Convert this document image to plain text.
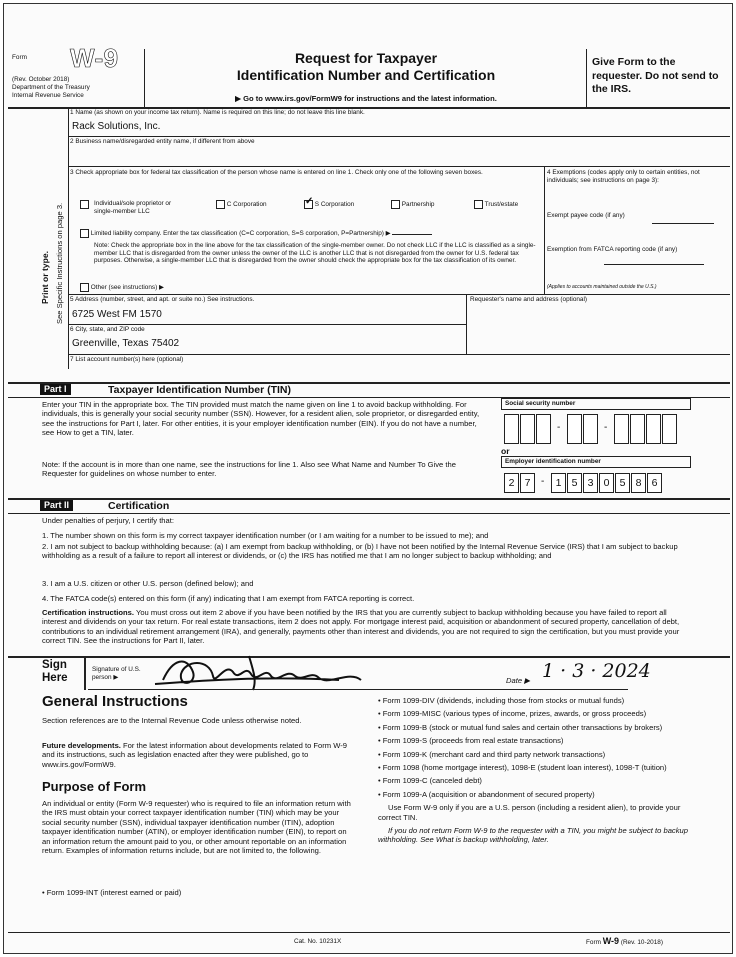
Form W-9
(Rev. October 2018)
Department of the Treasury
Internal Revenue Service
Request for Taxpayer
Identification Number and Certification
▶ Go to www.irs.gov/FormW9 for instructions and the latest information.
Give Form to the requester. Do not send to the IRS.
Print or type. See Specific Instructions on page 3.
1 Name (as shown on your income tax return). Name is required on this line; do not leave this line blank.
Rack Solutions, Inc.
2 Business name/disregarded entity name, if different from above
3 Check appropriate box for federal tax classification of the person whose name is entered on line 1. Check only one of the following seven boxes.
Individual/sole proprietor or single-member LLC
C Corporation
✓	S Corporation	Partnership	Trust/estate
Limited liability company. Enter the tax classification (C=C corporation, S=S corporation, P=Partnership) ▶
Note: Check the appropriate box in the line above for the tax classification of the single-member owner. Do not check LLC if the LLC is classified as a single-member LLC that is disregarded from the owner unless the owner of the LLC is another LLC that is not disregarded from the owner for U.S. federal tax purposes. Otherwise, a single-member LLC that is disregarded from the owner should check the appropriate box for the tax classification of its owner.
Other (see instructions) ▶
4 Exemptions (codes apply only to certain entities, not individuals; see instructions on page 3):
Exempt payee code (if any)
Exemption from FATCA reporting code (if any)
(Applies to accounts maintained outside the U.S.)
5 Address (number, street, and apt. or suite no.) See instructions.
6725 West FM 1570
Requester's name and address (optional)
6 City, state, and ZIP code
Greenville, Texas 75402
7 List account number(s) here (optional)
Part I	Taxpayer Identification Number (TIN)
Enter your TIN in the appropriate box. The TIN provided must match the name given on line 1 to avoid backup withholding. For individuals, this is generally your social security number (SSN). However, for a resident alien, sole proprietor, or disregarded entity, see the instructions for Part I, later. For other entities, it is your employer identification number (EIN). If you do not have a number, see How to get a TIN, later.
Note: If the account is in more than one name, see the instructions for line 1. Also see What Name and Number To Give the Requester for guidelines on whose number to enter.
Social security number
-	-
or
Employer identification number
2 7	-	1 5 3 0 5 8 6
Part II	Certification
Under penalties of perjury, I certify that:
1. The number shown on this form is my correct taxpayer identification number (or I am waiting for a number to be issued to me); and
2. I am not subject to backup withholding because: (a) I am exempt from backup withholding, or (b) I have not been notified by the Internal Revenue Service (IRS) that I am subject to backup withholding as a result of a failure to report all interest or dividends, or (c) the IRS has notified me that I am no longer subject to backup withholding; and
3. I am a U.S. citizen or other U.S. person (defined below); and
4. The FATCA code(s) entered on this form (if any) indicating that I am exempt from FATCA reporting is correct.
Certification instructions. You must cross out item 2 above if you have been notified by the IRS that you are currently subject to backup withholding because you have failed to report all interest and dividends on your tax return. For real estate transactions, item 2 does not apply. For mortgage interest paid, acquisition or abandonment of secured property, cancellation of debt, contributions to an individual retirement arrangement (IRA), and generally, payments other than interest and dividends, you are not required to sign the certification, but you must provide your correct TIN. See the instructions for Part II, later.
Sign Here
Signature of U.S. person ▶	Date ▶ 1 · 3 · 2024
General Instructions
Section references are to the Internal Revenue Code unless otherwise noted.
Future developments. For the latest information about developments related to Form W-9 and its instructions, such as legislation enacted after they were published, go to www.irs.gov/FormW9.
Purpose of Form
An individual or entity (Form W-9 requester) who is required to file an information return with the IRS must obtain your correct taxpayer identification number (TIN) which may be your social security number (SSN), individual taxpayer identification number (ITIN), adoption taxpayer identification number (ATIN), or employer identification number (EIN), to report on an information return the amount paid to you, or other amount reportable on an information return. Examples of information returns include, but are not limited to, the following.
• Form 1099-INT (interest earned or paid)
• Form 1099-DIV (dividends, including those from stocks or mutual funds)
• Form 1099-MISC (various types of income, prizes, awards, or gross proceeds)
• Form 1099-B (stock or mutual fund sales and certain other transactions by brokers)
• Form 1099-S (proceeds from real estate transactions)
• Form 1099-K (merchant card and third party network transactions)
• Form 1098 (home mortgage interest), 1098-E (student loan interest), 1098-T (tuition)
• Form 1099-C (canceled debt)
• Form 1099-A (acquisition or abandonment of secured property)
Use Form W-9 only if you are a U.S. person (including a resident alien), to provide your correct TIN.
If you do not return Form W-9 to the requester with a TIN, you might be subject to backup withholding. See What is backup withholding, later.
Cat. No. 10231X	Form W-9 (Rev. 10-2018)
